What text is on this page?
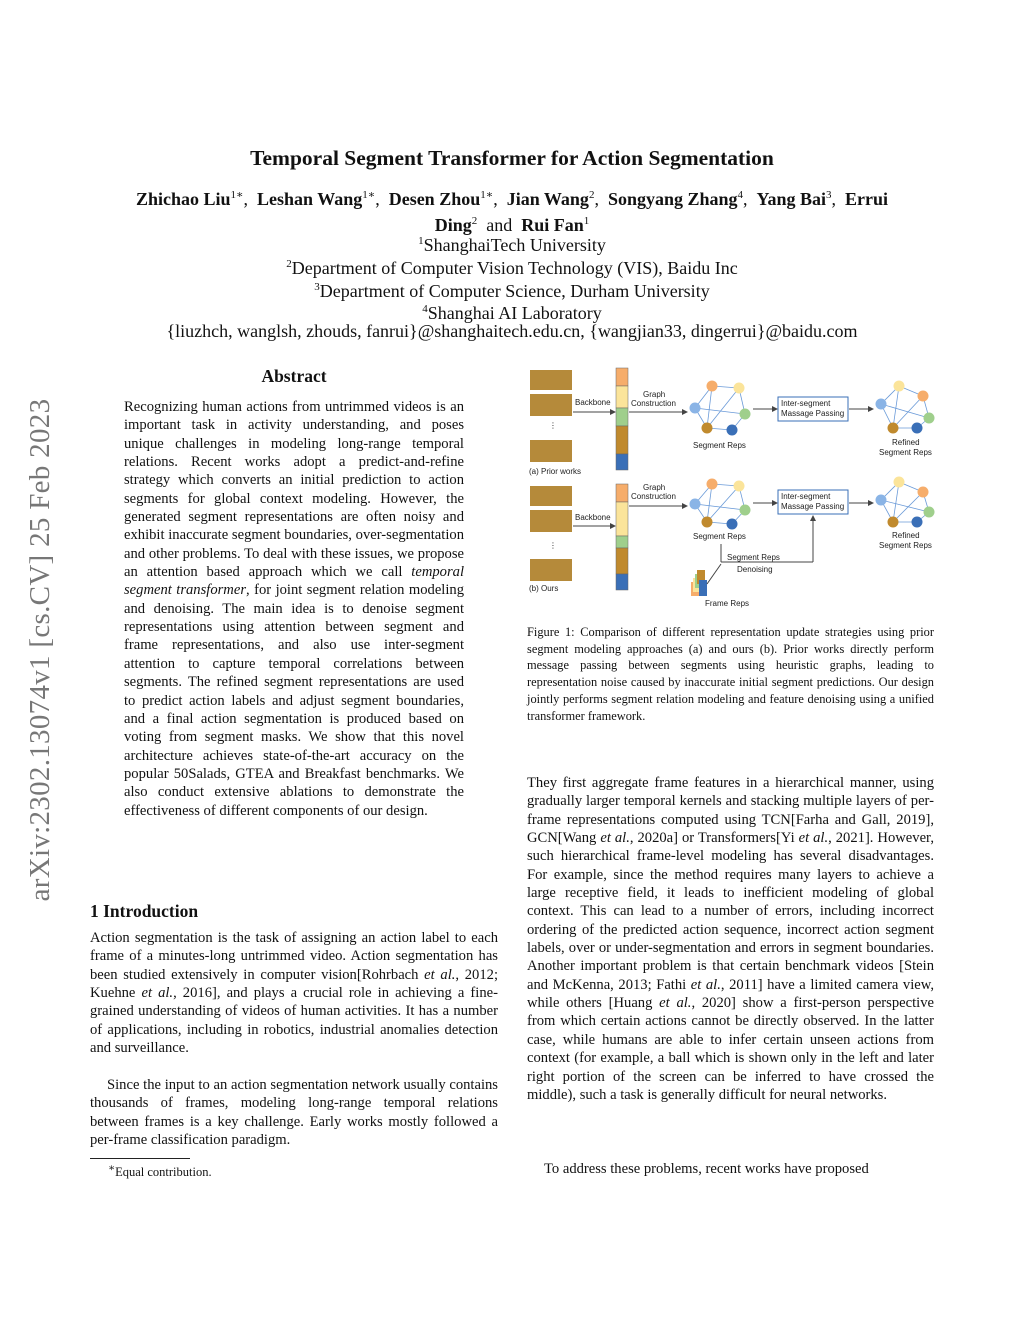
arXiv:2302.13074v1 [cs.CV] 25 Feb 2023
Temporal Segment Transformer for Action Segmentation
Zhichao Liu$^{1∗}$,  Leshan Wang$^{1∗}$,  Desen Zhou$^{1∗}$,  Jian Wang$^2$,  Songyang Zhang$^4$,  Yang Bai$^3$,  Errui Ding$^2$  and  Rui Fan$^1$
$^1$ShanghaiTech University
$^2$Department of Computer Vision Technology (VIS), Baidu Inc
$^3$Department of Computer Science, Durham University
$^4$Shanghai AI Laboratory
{liuzhch, wanglsh, zhouds, fanrui}@shanghaitech.edu.cn, {wangjian33, dingerrui}@baidu.com
Abstract
Recognizing human actions from untrimmed videos is an important task in activity understanding, and poses unique challenges in modeling long-range temporal relations. Recent works adopt a predict-and-refine strategy which converts an initial prediction to action segments for global context modeling. However, the generated segment representations are often noisy and exhibit inaccurate segment boundaries, over-segmentation and other problems. To deal with these issues, we propose an attention based approach which we call temporal segment transformer, for joint segment relation modeling and denoising. The main idea is to denoise segment representations using attention between segment and frame representations, and also use inter-segment attention to capture temporal correlations between segments. The refined segment representations are used to predict action labels and adjust segment boundaries, and a final action segmentation is produced based on voting from segment masks. We show that this novel architecture achieves state-of-the-art accuracy on the popular 50Salads, GTEA and Breakfast benchmarks. We also conduct extensive ablations to demonstrate the effectiveness of different components of our design.
1 Introduction
Action segmentation is the task of assigning an action label to each frame of a minutes-long untrimmed video. Action segmentation has been studied extensively in computer vision[Rohrbach et al., 2012; Kuehne et al., 2016], and plays a crucial role in achieving a fine-grained understanding of videos of human activities. It has a number of applications, including in robotics, industrial anomalies detection and surveillance.
Since the input to an action segmentation network usually contains thousands of frames, modeling long-range temporal relations between frames is a key challenge. Early works mostly followed a per-frame classification paradigm.
∗Equal contribution.
⋮
(a) Prior works
Backbone
Graph
Construction
Segment Reps
Inter-segment
Massage Passing
Refined
Segment Reps
⋮
(b) Ours
Backbone
Graph
Construction
Segment Reps
Inter-segment
Massage Passing
Refined
Segment Reps
Segment Reps
Denoising
Frame Reps
Figure 1: Comparison of different representation update strategies using prior segment modeling approaches (a) and ours (b). Prior works directly perform message passing between segments using heuristic graphs, leading to representation noise caused by inaccurate initial segment predictions. Our design jointly performs segment relation modeling and feature denoising using a unified transformer framework.
They first aggregate frame features in a hierarchical manner, using gradually larger temporal kernels and stacking multiple layers of per-frame representations computed using TCN[Farha and Gall, 2019], GCN[Wang et al., 2020a] or Transformers[Yi et al., 2021]. However, such hierarchical frame-level modeling has several disadvantages. For example, since the method requires many layers to achieve a large receptive field, it leads to inefficient modeling of global context. This can lead to a number of errors, including incorrect ordering of the predicted action sequence, incorrect action segment labels, over or under-segmentation and errors in segment boundaries. Another important problem is that certain benchmark videos [Stein and McKenna, 2013; Fathi et al., 2011] have a limited camera view, while others [Huang et al., 2020] show a first-person perspective from which certain actions cannot be directly observed. In the latter case, while humans are able to infer certain unseen actions from context (for example, a ball which is shown only in the left and later right portion of the screen can be inferred to have crossed the middle), such a task is generally difficult for neural networks.
To address these problems, recent works have proposed
